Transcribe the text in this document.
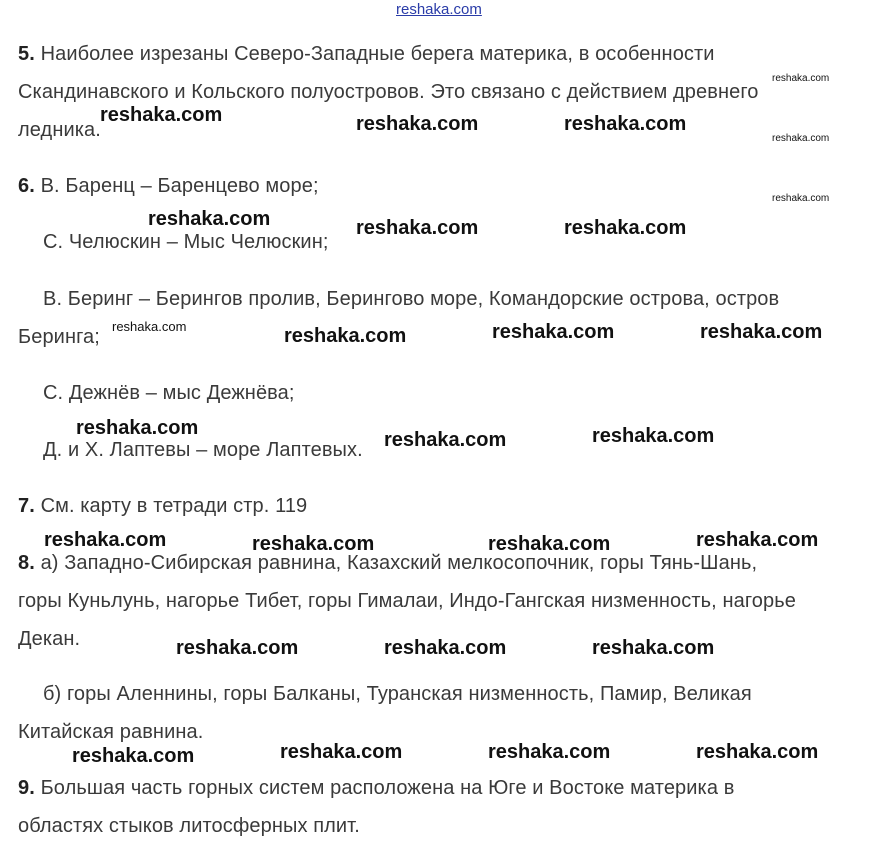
reshaka.com
5. Наиболее изрезаны Северо-Западные берега материка, в особенности
Скандинавского и Кольского полуостровов. Это связано с действием древнего
ледника.
6. В. Баренц – Баренцево море;
С. Челюскин – Мыс Челюскин;
В. Беринг – Берингов пролив, Берингово море, Командорские острова, остров
Беринга;
С. Дежнёв – мыс Дежнёва;
Д. и Х. Лаптевы – море Лаптевых.
7. См. карту в тетради стр. 119
8. а) Западно-Сибирская равнина, Казахский мелкосопочник, горы Тянь-Шань,
горы Куньлунь, нагорье Тибет, горы Гималаи, Индо-Гангская низменность, нагорье
Декан.
б) горы Аленнины, горы Балканы, Туранская низменность, Памир, Великая
Китайская равнина.
9. Большая часть горных систем расположена на Юге и Востоке материка в
областях стыков литосферных плит.
reshaka.com	reshaka.com	reshaka.com
reshaka.com	reshaka.com	reshaka.com
reshaka.com	reshaka.com	reshaka.com
reshaka.com
reshaka.com	reshaka.com
reshaka.com	reshaka.com	reshaka.com	reshaka.com
reshaka.com	reshaka.com	reshaka.com
reshaka.com	reshaka.com	reshaka.com	reshaka.com
reshaka.com
reshaka.com
reshaka.com
reshaka.com
